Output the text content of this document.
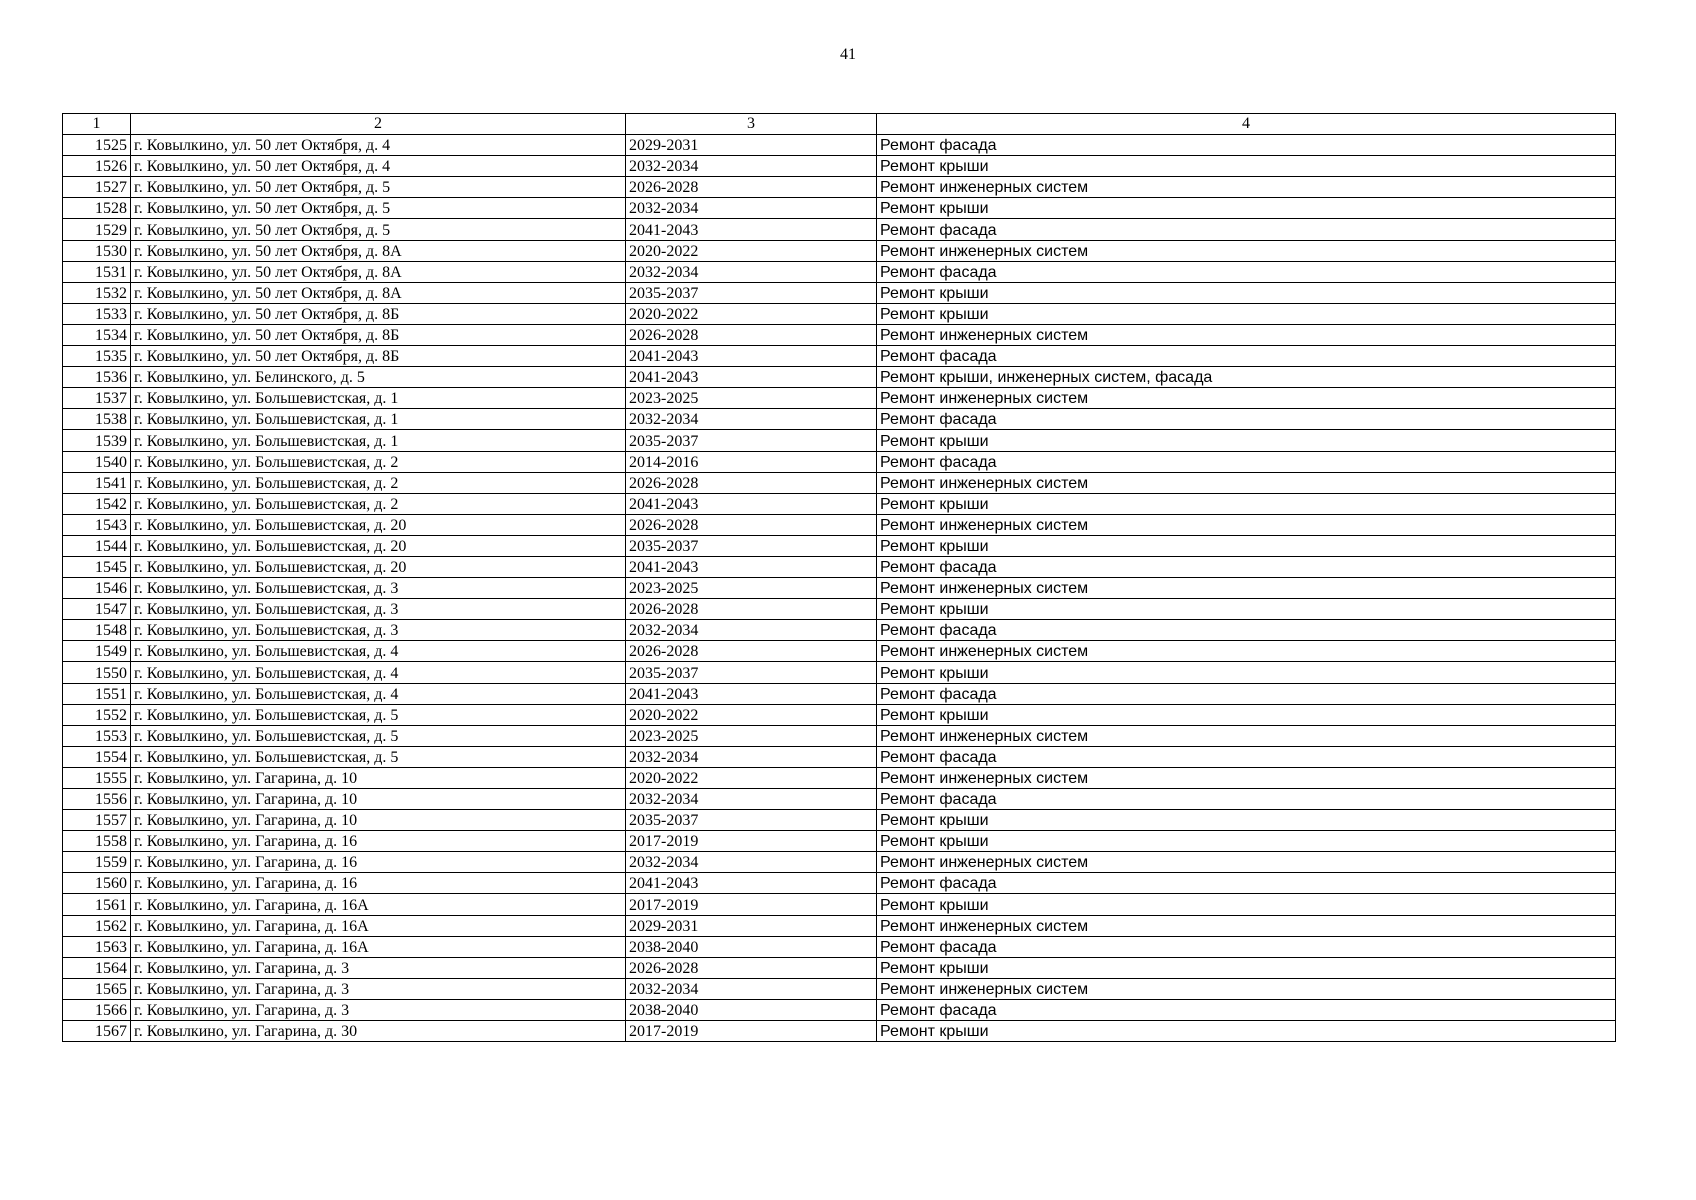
41
1	2	3	4
1525	г. Ковылкино, ул. 50 лет Октября, д. 4	2029-2031	Ремонт фасада
1526	г. Ковылкино, ул. 50 лет Октября, д. 4	2032-2034	Ремонт крыши
1527	г. Ковылкино, ул. 50 лет Октября, д. 5	2026-2028	Ремонт инженерных систем
1528	г. Ковылкино, ул. 50 лет Октября, д. 5	2032-2034	Ремонт крыши
1529	г. Ковылкино, ул. 50 лет Октября, д. 5	2041-2043	Ремонт фасада
1530	г. Ковылкино, ул. 50 лет Октября, д. 8А	2020-2022	Ремонт инженерных систем
1531	г. Ковылкино, ул. 50 лет Октября, д. 8А	2032-2034	Ремонт фасада
1532	г. Ковылкино, ул. 50 лет Октября, д. 8А	2035-2037	Ремонт крыши
1533	г. Ковылкино, ул. 50 лет Октября, д. 8Б	2020-2022	Ремонт крыши
1534	г. Ковылкино, ул. 50 лет Октября, д. 8Б	2026-2028	Ремонт инженерных систем
1535	г. Ковылкино, ул. 50 лет Октября, д. 8Б	2041-2043	Ремонт фасада
1536	г. Ковылкино, ул. Белинского, д. 5	2041-2043	Ремонт крыши, инженерных систем, фасада
1537	г. Ковылкино, ул. Большевистская, д. 1	2023-2025	Ремонт инженерных систем
1538	г. Ковылкино, ул. Большевистская, д. 1	2032-2034	Ремонт фасада
1539	г. Ковылкино, ул. Большевистская, д. 1	2035-2037	Ремонт крыши
1540	г. Ковылкино, ул. Большевистская, д. 2	2014-2016	Ремонт фасада
1541	г. Ковылкино, ул. Большевистская, д. 2	2026-2028	Ремонт инженерных систем
1542	г. Ковылкино, ул. Большевистская, д. 2	2041-2043	Ремонт крыши
1543	г. Ковылкино, ул. Большевистская, д. 20	2026-2028	Ремонт инженерных систем
1544	г. Ковылкино, ул. Большевистская, д. 20	2035-2037	Ремонт крыши
1545	г. Ковылкино, ул. Большевистская, д. 20	2041-2043	Ремонт фасада
1546	г. Ковылкино, ул. Большевистская, д. 3	2023-2025	Ремонт инженерных систем
1547	г. Ковылкино, ул. Большевистская, д. 3	2026-2028	Ремонт крыши
1548	г. Ковылкино, ул. Большевистская, д. 3	2032-2034	Ремонт фасада
1549	г. Ковылкино, ул. Большевистская, д. 4	2026-2028	Ремонт инженерных систем
1550	г. Ковылкино, ул. Большевистская, д. 4	2035-2037	Ремонт крыши
1551	г. Ковылкино, ул. Большевистская, д. 4	2041-2043	Ремонт фасада
1552	г. Ковылкино, ул. Большевистская, д. 5	2020-2022	Ремонт крыши
1553	г. Ковылкино, ул. Большевистская, д. 5	2023-2025	Ремонт инженерных систем
1554	г. Ковылкино, ул. Большевистская, д. 5	2032-2034	Ремонт фасада
1555	г. Ковылкино, ул. Гагарина, д. 10	2020-2022	Ремонт инженерных систем
1556	г. Ковылкино, ул. Гагарина, д. 10	2032-2034	Ремонт фасада
1557	г. Ковылкино, ул. Гагарина, д. 10	2035-2037	Ремонт крыши
1558	г. Ковылкино, ул. Гагарина, д. 16	2017-2019	Ремонт крыши
1559	г. Ковылкино, ул. Гагарина, д. 16	2032-2034	Ремонт инженерных систем
1560	г. Ковылкино, ул. Гагарина, д. 16	2041-2043	Ремонт фасада
1561	г. Ковылкино, ул. Гагарина, д. 16А	2017-2019	Ремонт крыши
1562	г. Ковылкино, ул. Гагарина, д. 16А	2029-2031	Ремонт инженерных систем
1563	г. Ковылкино, ул. Гагарина, д. 16А	2038-2040	Ремонт фасада
1564	г. Ковылкино, ул. Гагарина, д. 3	2026-2028	Ремонт крыши
1565	г. Ковылкино, ул. Гагарина, д. 3	2032-2034	Ремонт инженерных систем
1566	г. Ковылкино, ул. Гагарина, д. 3	2038-2040	Ремонт фасада
1567	г. Ковылкино, ул. Гагарина, д. 30	2017-2019	Ремонт крыши
